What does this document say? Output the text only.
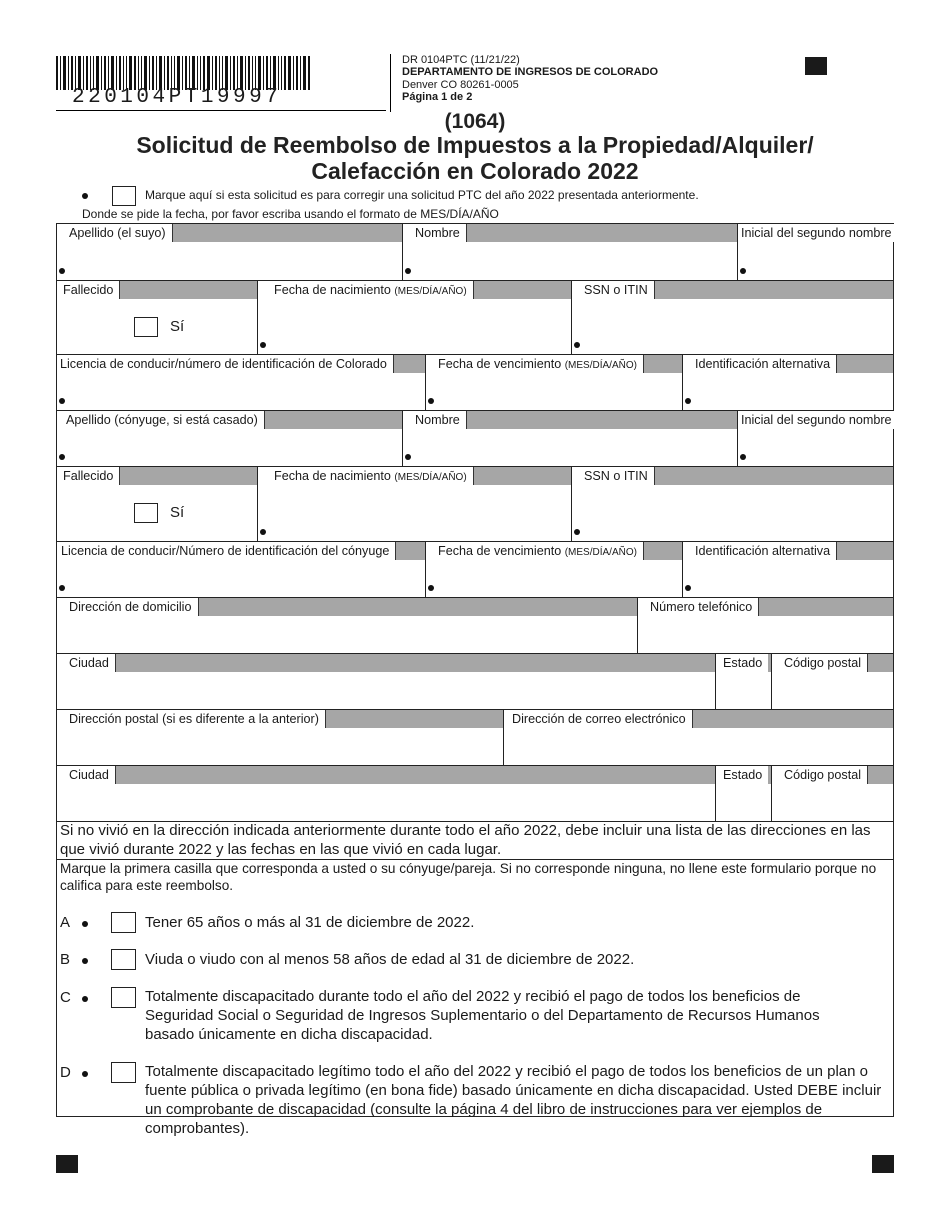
220104PT19997
DR 0104PTC (11/21/22)
DEPARTAMENTO DE INGRESOS DE COLORADO
Denver CO 80261-0005
Página 1 de 2
(1064)
Solicitud de Reembolso de Impuestos a la Propiedad/Alquiler/
Calefacción en Colorado 2022
Marque aquí si esta solicitud es para corregir una solicitud PTC del año 2022 presentada anteriormente.
Donde se pide la fecha, por favor escriba usando el formato de MES/DÍA/AÑO
Apellido (el suyo)	Nombre	Inicial del segundo nombre
Fallecido	Fecha de nacimiento (MES/DÍA/AÑO)	SSN o ITIN
Sí
Licencia de conducir/número de identificación de Colorado	Fecha de vencimiento (MES/DÍA/AÑO)	Identificación alternativa
Apellido (cónyuge, si está casado)	Nombre	Inicial del segundo nombre
Fallecido	Fecha de nacimiento (MES/DÍA/AÑO)	SSN o ITIN
Sí
Licencia de conducir/Número de identificación del cónyuge	Fecha de vencimiento (MES/DÍA/AÑO)	Identificación alternativa
Dirección de domicilio	Número telefónico
Ciudad	Estado	Código postal
Dirección postal (si es diferente a la anterior)	Dirección de correo electrónico
Ciudad	Estado	Código postal
Si no vivió en la dirección indicada anteriormente durante todo el año 2022, debe incluir una lista de las direcciones en las que vivió durante 2022 y las fechas en las que vivió en cada lugar.
Marque la primera casilla que corresponda a usted o su cónyuge/pareja. Si no corresponde ninguna, no llene este formulario porque no califica para este reembolso.
A	Tener 65 años o más al 31 de diciembre de 2022.
B	Viuda o viudo con al menos 58 años de edad al 31 de diciembre de 2022.
C	Totalmente discapacitado durante todo el año del 2022 y recibió el pago de todos los beneficios de Seguridad Social o Seguridad de Ingresos Suplementario o del Departamento de Recursos Humanos basado únicamente en dicha discapacidad.
D	Totalmente discapacitado legítimo todo el año del 2022 y recibió el pago de todos los beneficios de un plan o fuente pública o privada legítimo (en bona fide) basado únicamente en dicha discapacidad. Usted DEBE incluir un comprobante de discapacidad (consulte la página 4 del libro de instrucciones para ver ejemplos de comprobantes).
